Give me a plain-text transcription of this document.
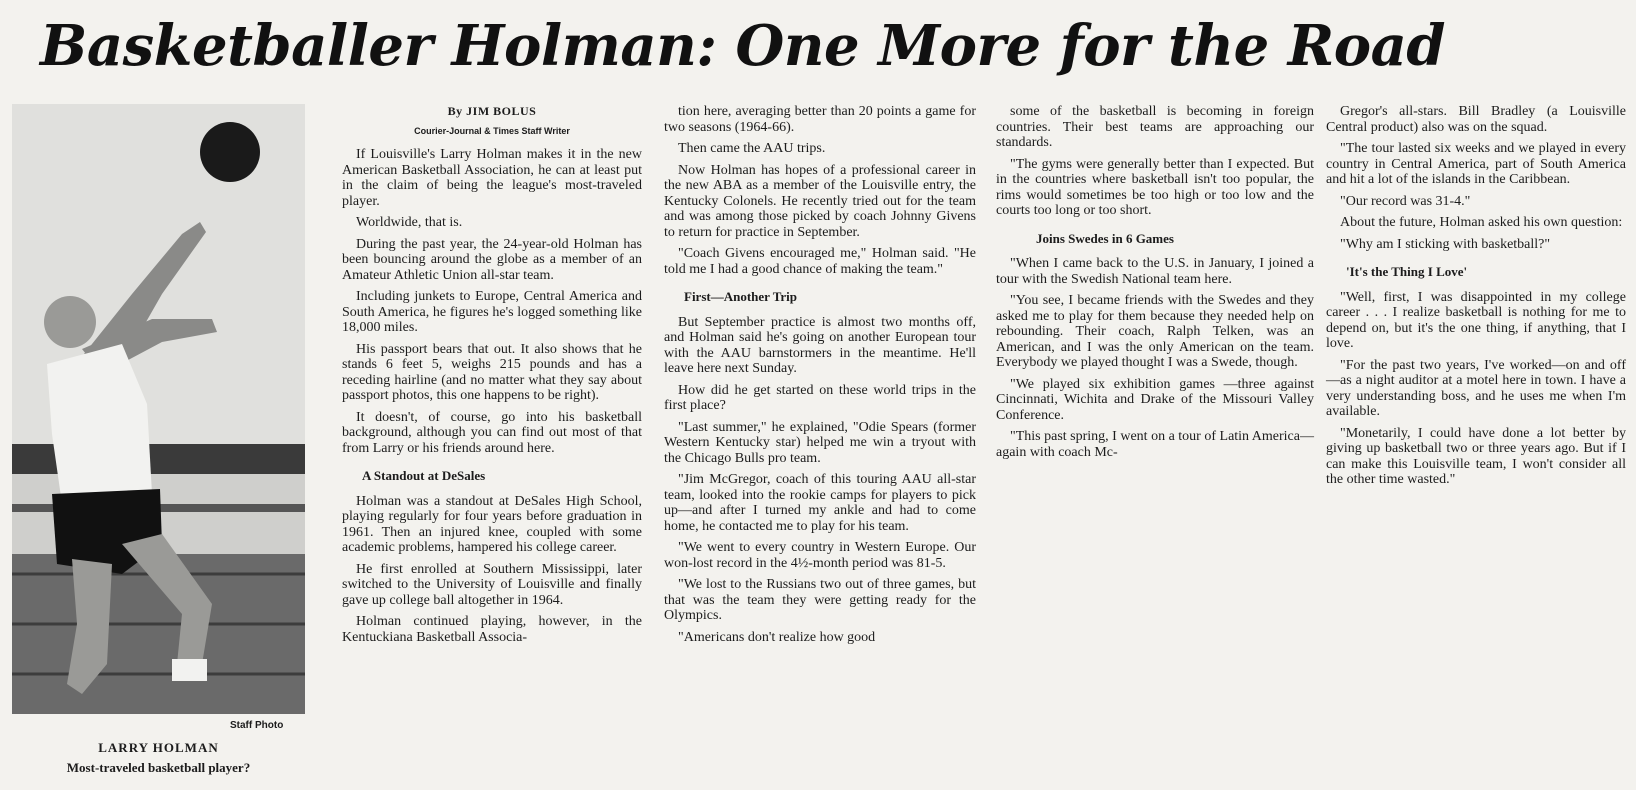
Basketballer Holman: One More for the Road
Staff Photo
LARRY HOLMAN
Most-traveled basketball player?
By JIM BOLUS
Courier-Journal & Times Staff Writer

If Louisville's Larry Holman makes it in the new American Basketball Association, he can at least put in the claim of being the league's most-traveled player.

Worldwide, that is.

During the past year, the 24-year-old Holman has been bouncing around the globe as a member of an Amateur Athletic Union all-star team.

Including junkets to Europe, Central America and South America, he figures he's logged something like 18,000 miles.

His passport bears that out. It also shows that he stands 6 feet 5, weighs 215 pounds and has a receding hairline (and no matter what they say about passport photos, this one happens to be right).

It doesn't, of course, go into his basketball background, although you can find out most of that from Larry or his friends around here.

A Standout at DeSales

Holman was a standout at DeSales High School, playing regularly for four years before graduation in 1961. Then an injured knee, coupled with some academic problems, hampered his college career.

He first enrolled at Southern Mississippi, later switched to the University of Louisville and finally gave up college ball altogether in 1964.

Holman continued playing, however, in the Kentuckiana Basketball Associa-

tion here, averaging better than 20 points a game for two seasons (1964-66).

Then came the AAU trips.

Now Holman has hopes of a professional career in the new ABA as a member of the Louisville entry, the Kentucky Colonels. He recently tried out for the team and was among those picked by coach Johnny Givens to return for practice in September.

"Coach Givens encouraged me," Holman said. "He told me I had a good chance of making the team."

First—Another Trip

But September practice is almost two months off, and Holman said he's going on another European tour with the AAU barnstormers in the meantime. He'll leave here next Sunday.

How did he get started on these world trips in the first place?

"Last summer," he explained, "Odie Spears (former Western Kentucky star) helped me win a tryout with the Chicago Bulls pro team.

"Jim McGregor, coach of this touring AAU all-star team, looked into the rookie camps for players to pick up—and after I turned my ankle and had to come home, he contacted me to play for his team.

"We went to every country in Western Europe. Our won-lost record in the 4½-month period was 81-5.

"We lost to the Russians two out of three games, but that was the team they were getting ready for the Olympics.

"Americans don't realize how good

some of the basketball is becoming in foreign countries. Their best teams are approaching our standards.

"The gyms were generally better than I expected. But in the countries where basketball isn't too popular, the rims would sometimes be too high or too low and the courts too long or too short.

Joins Swedes in 6 Games

"When I came back to the U.S. in January, I joined a tour with the Swedish National team here.

"You see, I became friends with the Swedes and they asked me to play for them because they needed help on rebounding. Their coach, Ralph Telken, was an American, and I was the only American on the team. Everybody we played thought I was a Swede, though.

"We played six exhibition games —three against Cincinnati, Wichita and Drake of the Missouri Valley Conference.

"This past spring, I went on a tour of Latin America—again with coach Mc-

Gregor's all-stars. Bill Bradley (a Louisville Central product) also was on the squad.

"The tour lasted six weeks and we played in every country in Central America, part of South America and hit a lot of the islands in the Caribbean.

"Our record was 31-4."

About the future, Holman asked his own question:

"Why am I sticking with basketball?"

'It's the Thing I Love'

"Well, first, I was disappointed in my college career . . . I realize basketball is nothing for me to depend on, but it's the one thing, if anything, that I love.

"For the past two years, I've worked—on and off—as a night auditor at a motel here in town. I have a very understanding boss, and he uses me when I'm available.

"Monetarily, I could have done a lot better by giving up basketball two or three years ago. But if I can make this Louisville team, I won't consider all the other time wasted."
